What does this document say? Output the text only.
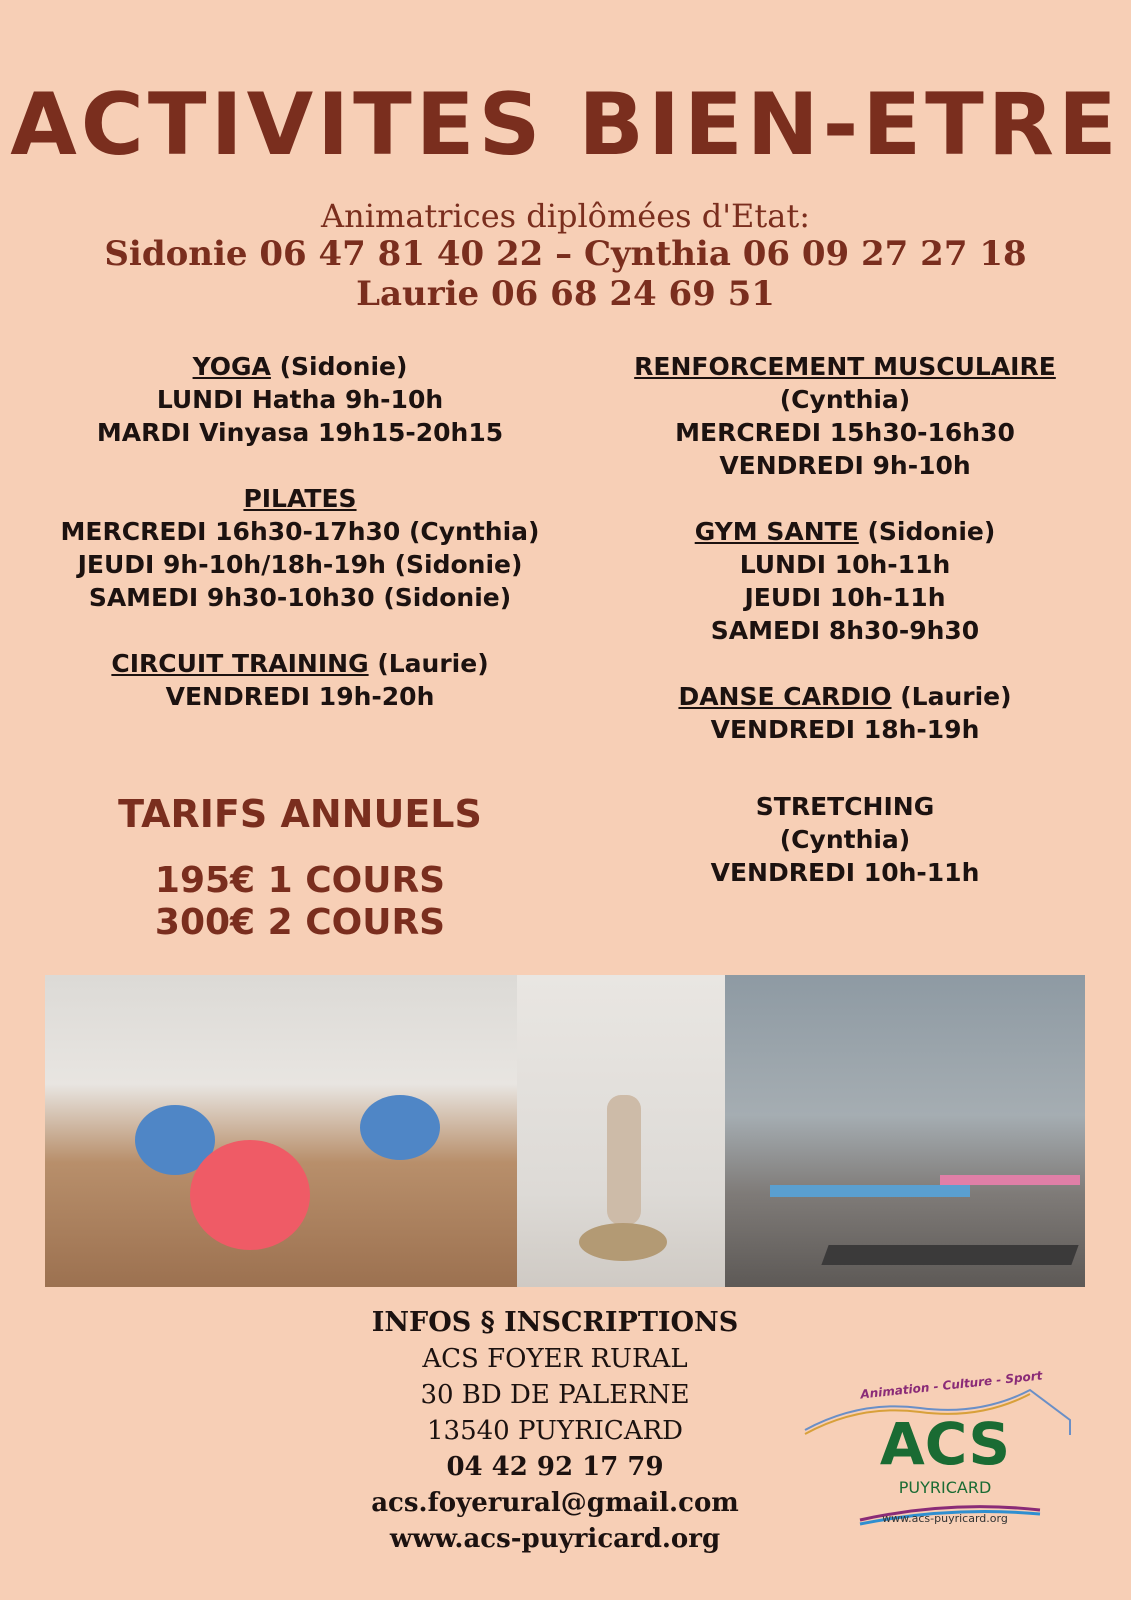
ACTIVITES BIEN-ETRE
Animatrices diplômées d'Etat:
Sidonie 06 47 81 40 22 – Cynthia 06 09 27 27 18
Laurie 06 68 24 69 51
YOGA (Sidonie)
LUNDI Hatha 9h-10h
MARDI Vinyasa 19h15-20h15
PILATES
MERCREDI 16h30-17h30 (Cynthia)
JEUDI 9h-10h/18h-19h (Sidonie)
SAMEDI 9h30-10h30 (Sidonie)
CIRCUIT TRAINING (Laurie)
VENDREDI 19h-20h
RENFORCEMENT MUSCULAIRE
(Cynthia)
MERCREDI 15h30-16h30
VENDREDI 9h-10h
GYM SANTE (Sidonie)
LUNDI 10h-11h
JEUDI 10h-11h
SAMEDI 8h30-9h30
DANSE CARDIO (Laurie)
VENDREDI 18h-19h
STRETCHING
(Cynthia)
VENDREDI 10h-11h
TARIFS ANNUELS
195€ 1 COURS
300€ 2 COURS
INFOS § INSCRIPTIONS
ACS FOYER RURAL
30 BD DE PALERNE
13540 PUYRICARD
04 42 92 17 79
acs.foyerural@gmail.com
www.acs-puyricard.org
Animation - Culture - Sport
ACS
PUYRICARD
www.acs-puyricard.org
